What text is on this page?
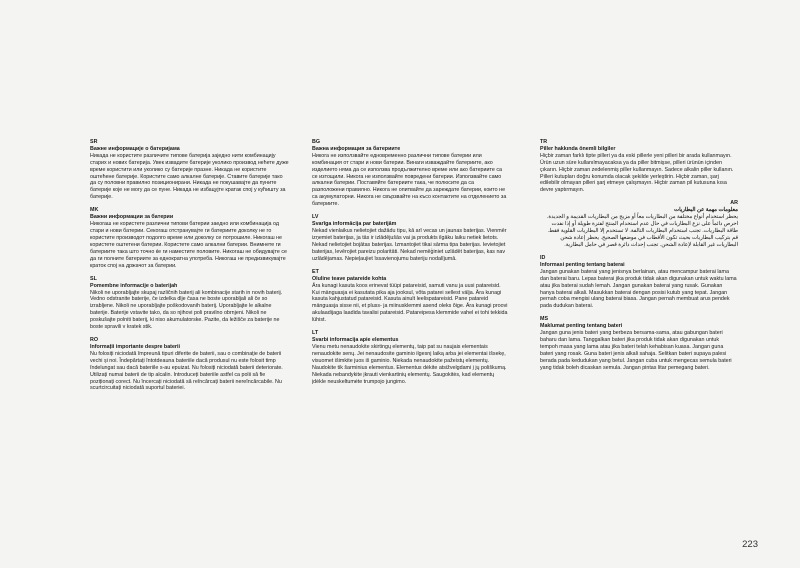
SR

Важне информације о батеријама

Никада не користите различите типове батерија заједно нити комбинацију старих и нових батерија. Увек извадите батерије уколико производ нећете дуже време користити или уколико су батерије празне. Никада не користите оштећене батерије. Користите само алкалне батерије. Ставите батерије тако да су половни правилно позиционирани. Никада не покушавајте да пуните батерије које не могу да се пуне. Никада не избацујте кратак спој у кућишту за батерије.

MK

Важни информации за батерии

Никогаш не користете различни типови батерии заедно или комбинација од стари и нови батерии. Секогаш отстранувајте ги батериите доколку не го користите производот подолго време или доколку се потрошиле. Никогаш не користете оштетени батерии. Користете само алкални батерии. Внимнете ги батериите така што точно ќе ги наместите половите. Никогаш не обидувајте се да ги полните батериите за еднократна употреба. Никогаш не предизвикувајте краток спој на држачот за батерии.

SL

Pomembne informacije o baterijah

Nikoli ne uporabljajte skupaj različnih baterij ali kombinacije starih in novih baterij. Vedno odstranite baterije, če izdelka dlje časa ne boste uporabljali ali če so izrabljene. Nikoli ne uporabljajte poškodovanih baterij. Uporabljajte le alkalne baterije. Baterije vstavite tako, da so njihovi poli pravilno obrnjeni. Nikoli ne poskušajte polniti baterij, ki niso akumulatorske. Pazite, da ležišče za baterije ne boste spravili v kratek stik.

RO

Informații importante despre baterii

Nu folosiți niciodată împreună tipuri diferite de baterii, sau o combinație de baterii vechi și noi. Îndepărtați întotdeauna bateriile dacă produsul nu este folosit timp îndelungat sau dacă bateriile s-au epuizat. Nu folosiți niciodată baterii deteriorate. Utilizați numai baterii de tip alcalin. Introduceți bateriile astfel ca polii să fie poziționați corect. Nu încercați niciodată să reîncărcați baterii nereîncărcabile. Nu scurtcircuitați niciodată suportul bateriei.

BG

Важна информация за батериите

Никога не използвайте едновременно различни типове батерии или комбинация от стари и нови батерии. Винаги изваждайте батериите, ако изделието няма да се използва продължително време или ако батериите са се изтощили. Никога не използвайте повредени батерии. Използвайте само алкални батерии. Поставяйте батериите така, че полюсите да са разположени правилно. Никога не опитвайте да зареждате батерии, които не са акумулаторни. Никога не свързвайте на късо контактите на отделението за батериите.

LV

Svarīga informācija par baterijām

Nekad vienlaikus nelietojiet dažādu tipu, kā arī vecas un jaunas baterijas. Vienmēr izņemiet baterijas, ja tās ir izlādējušās vai ja produkts ilgāku laiku netiek lietots. Nekad nelietojiet bojātas baterijas. Izmantojiet tikai sārma tipa baterijas. Ievietojiet baterijas, levērojiet pareizu polaritāti. Nekad nemēģiniet uzlādēt baterijas, kas nav uzlādējamas. Nepieļaujiet īssavienojumu bateriju nodalījumā.

ET

Oluline teave patareide kohta

Ära kunagi kasuta koos erinevat tüüpi patareisid, samuti vanu ja uusi patareisid. Kui mänguasja ei kasutata pika aja jooksul, võta patarei sellest välja. Ära kunagi kasuta kahjustatud patareisid. Kasuta ainult leelispatareisid. Pane patareid mänguasja sisse nii, et pluss- ja miinusklemmi asend oleks õige. Ära kunagi proovi akulaadijaga laadida tavalisi patareisid. Patareipesa klemmide vahel ei tohi tekkida lühist.

LT

Svarbi informacija apie elementus

Vienu metu nenaudokite skirtingų elementų, taip pat su naujais elementais nenaudokite senų. Jei nenaudosite gaminio ilgesnį laiką arba jei elementai išsekę, visuomet išimkite juos iš gaminio. Niekada nenaudokite pažeistų elementų. Naudokite tik šarminius elementus. Elementus dėkite atsižvelgdami į jų poliškumą. Niekada nebandykite įkrauti vienkartinių elementų. Saugokitės, kad elementų įdėkle neuskeltumėte trumpojo jungimo.

TR

Piller hakkında önemli bilgiler

Hiçbir zaman farklı tipte pilleri ya da eski pillerle yeni pilleri bir arada kullanmayın. Ürün uzun süre kullanılmayacaksa ya da piller bitmişse, pilleri ürünün içinden çıkarın. Hiçbir zaman zedelenmiş piller kullanmayın. Sadece alkalin piller kullanın. Pilleri kutupları doğru konumda olacak şekilde yerleştirin. Hiçbir zaman, şarj edilebilir olmayan pilleri şarj etmeye çalışmayın. Hiçbir zaman pil kutusuna kısa devre yaptırmayın.

AR

معلومات مهمة عن البطاريات

يحظر استخدام أنواع مختلفة من البطاريات معاً أو مزيج من البطاريات القديمة و الجديدة. احرص دائماً على نزع البطاريات في حال عدم استخدام المنتج لفترة طويلة أو إذا نفدت طاقة البطاريات. تجنب استخدام البطاريات التالفة. لا تستخدم إلا البطاريات القلوية فقط. قم بتركيب البطاريات بحيث تكون الأقطاب في موضعها الصحيح. يحظر إعادة شحن البطاريات غير القابلة لإعادة الشحن. تجنب إحداث دائرة قصر في حامل البطارية.

ID

Informasi penting tentang baterai

Jangan gunakan baterai yang jenisnya berlainan, atau mencampur baterai lama dan baterai baru. Lepas baterai jika produk tidak akan digunakan untuk waktu lama atau jika baterai sudah lemah. Jangan gunakan baterai yang rusak. Gunakan hanya baterai alkali. Masukkan baterai dengan posisi kutub yang tepat. Jangan pernah coba mengisi ulang baterai biasa. Jangan pernah membuat arus pendek pada dudukan baterai.

MS

Maklumat penting tentang bateri

Jangan guna jenis bateri yang berbeza bersama-sama, atau gabungan bateri baharu dan lama. Tanggalkan bateri jika produk tidak akan digunakan untuk tempoh masa yang lama atau jika bateri telah kehabisan kuasa. Jangan guna bateri yang rosak. Guna bateri jenis alkali sahaja. Selitkan bateri supaya palesi berada pada kedudukan yang betul. Jangan cuba untuk mengecas semula bateri yang tidak boleh dicaskan semula. Jangan pintas litar pemegang bateri.

223
